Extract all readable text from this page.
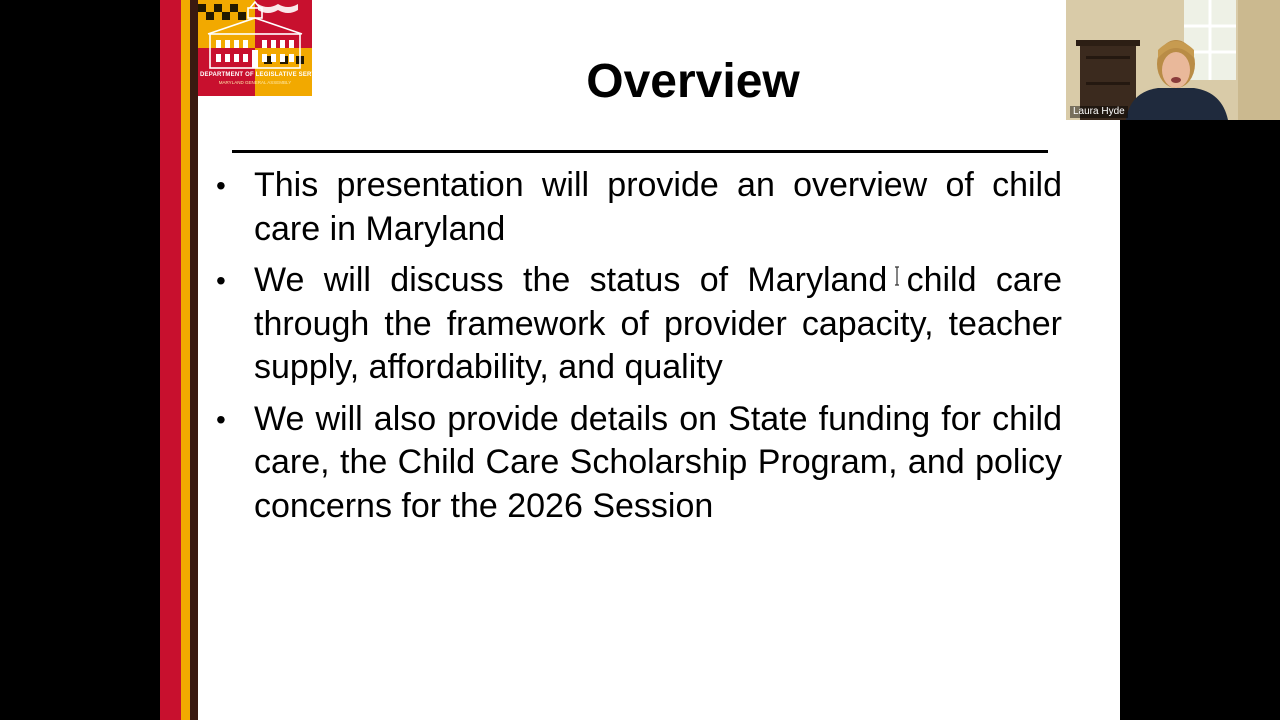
DEPARTMENT OF LEGISLATIVE SERVICES
MARYLAND GENERAL ASSEMBLY	Overview
• This presentation will provide an overview of child care in Maryland
• We will discuss the status of Maryland child care through the framework of provider capacity, teacher supply, affordability, and quality
• We will also provide details on State funding for child care, the Child Care Scholarship Program, and policy concerns for the 2026 Session
Laura Hyde
